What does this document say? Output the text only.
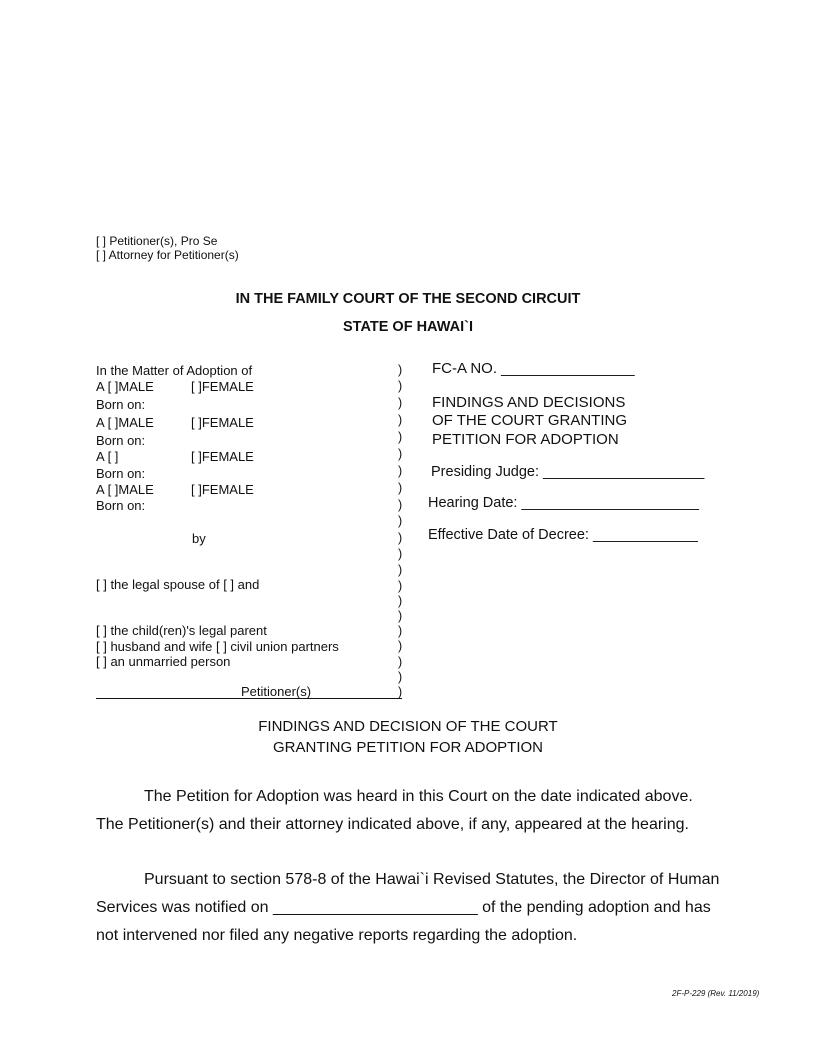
[ ] Petitioner(s), Pro Se
[ ] Attorney for Petitioner(s)
IN THE FAMILY COURT OF THE SECOND CIRCUIT
STATE OF HAWAI`I
In the Matter of Adoption of
A [ ]MALE	[ ]FEMALE
Born on:
A [ ]MALE	[ ]FEMALE
Born on:
A [ ]	[ ]FEMALE
Born on:
A [ ]MALE	[ ]FEMALE
Born on:
by
[ ] the legal spouse of [ ] and
[ ] the child(ren)'s legal parent
[ ] husband and wife [ ] civil union partners
[ ] an unmarried person
Petitioner(s)
)
)
)
)
)
)
)
)
)
)
)
)
)
)
)
)
)
)
)
)
)
FC-A NO. ________________
FINDINGS AND DECISIONS
OF THE COURT GRANTING
PETITION FOR ADOPTION
Presiding Judge: ____________________
Hearing Date: ______________________
Effective Date of Decree: _____________
FINDINGS AND DECISION OF THE COURT
GRANTING PETITION FOR ADOPTION
The Petition for Adoption was heard in this Court on the date indicated above.
The Petitioner(s) and their attorney indicated above, if any, appeared at the hearing.
Pursuant to section 578-8 of the Hawai`i Revised Statutes, the Director of Human
Services was notified on _______________________ of the pending adoption and has
not intervened nor filed any negative reports regarding the adoption.
2F-P-229 (Rev. 11/2019)
